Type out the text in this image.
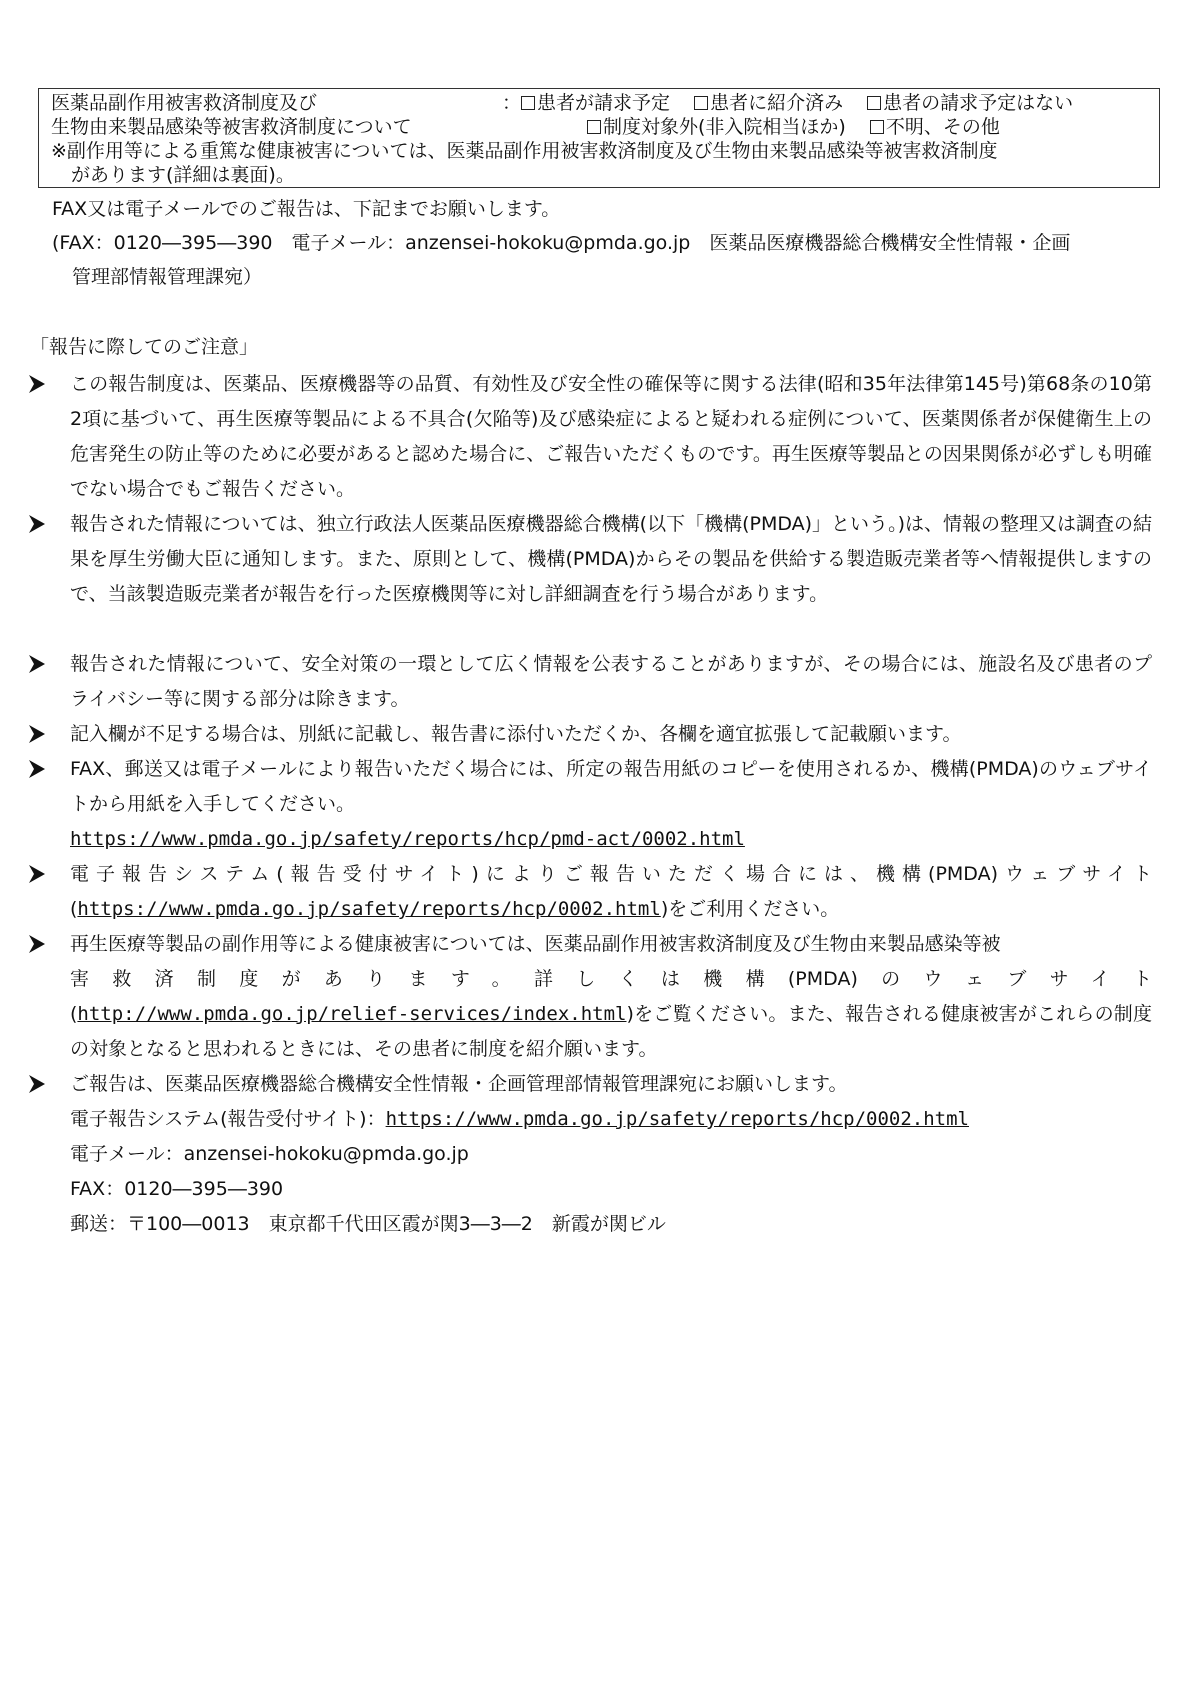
医薬品副作用被害救済制度及び
生物由来製品感染等被害救済制度について
： 患者が請求予定 患者に紹介済み 患者の請求予定はない
制度対象外(非入院相当ほか) 不明、その他
※副作用等による重篤な健康被害については、医薬品副作用被害救済制度及び生物由来製品感染等被害救済制度
があります(詳細は裏面)。
FAX又は電子メールでのご報告は、下記までお願いします。
(FAX：0120―395―390　電子メール：anzensei-hokoku@pmda.go.jp　医薬品医療機器総合機構安全性情報・企画
管理部情報管理課宛）
「報告に際してのご注意」
この報告制度は、医薬品、医療機器等の品質、有効性及び安全性の確保等に関する法律(昭和35年法律第145号)第68条の10第2項に基づいて、再生医療等製品による不具合(欠陥等)及び感染症によると疑われる症例について、医薬関係者が保健衛生上の危害発生の防止等のために必要があると認めた場合に、ご報告いただくものです。再生医療等製品との因果関係が必ずしも明確でない場合でもご報告ください。
報告された情報については、独立行政法人医薬品医療機器総合機構(以下「機構(PMDA)」という。)は、情報の整理又は調査の結果を厚生労働大臣に通知します。また、原則として、機構(PMDA)からその製品を供給する製造販売業者等へ情報提供しますので、当該製造販売業者が報告を行った医療機関等に対し詳細調査を行う場合があります。
報告された情報について、安全対策の一環として広く情報を公表することがありますが、その場合には、施設名及び患者のプライバシー等に関する部分は除きます。
記入欄が不足する場合は、別紙に記載し、報告書に添付いただくか、各欄を適宜拡張して記載願います。
FAX、郵送又は電子メールにより報告いただく場合には、所定の報告用紙のコピーを使用されるか、機構(PMDA)のウェブサイトから用紙を入手してください。
https://www.pmda.go.jp/safety/reports/hcp/pmd-act/0002.html
電子報告システム(報告受付サイト)によりご報告いただく場合には、機構(PMDA)ウェブサイト
(https://www.pmda.go.jp/safety/reports/hcp/0002.html)をご利用ください。
再生医療等製品の副作用等による健康被害については、医薬品副作用被害救済制度及び生物由来製品感染等被
害救済制度があります。詳しくは機構(PMDA)のウェブサイト
(http://www.pmda.go.jp/relief-services/index.html)をご覧ください。また、報告される健康被害がこれらの制度の対象となると思われるときには、その患者に制度を紹介願います。
ご報告は、医薬品医療機器総合機構安全性情報・企画管理部情報管理課宛にお願いします。
電子報告システム(報告受付サイト)：https://www.pmda.go.jp/safety/reports/hcp/0002.html
電子メール：anzensei-hokoku@pmda.go.jp
FAX：0120―395―390
郵送：〒100―0013　東京都千代田区霞が関3―3―2　新霞が関ビル
